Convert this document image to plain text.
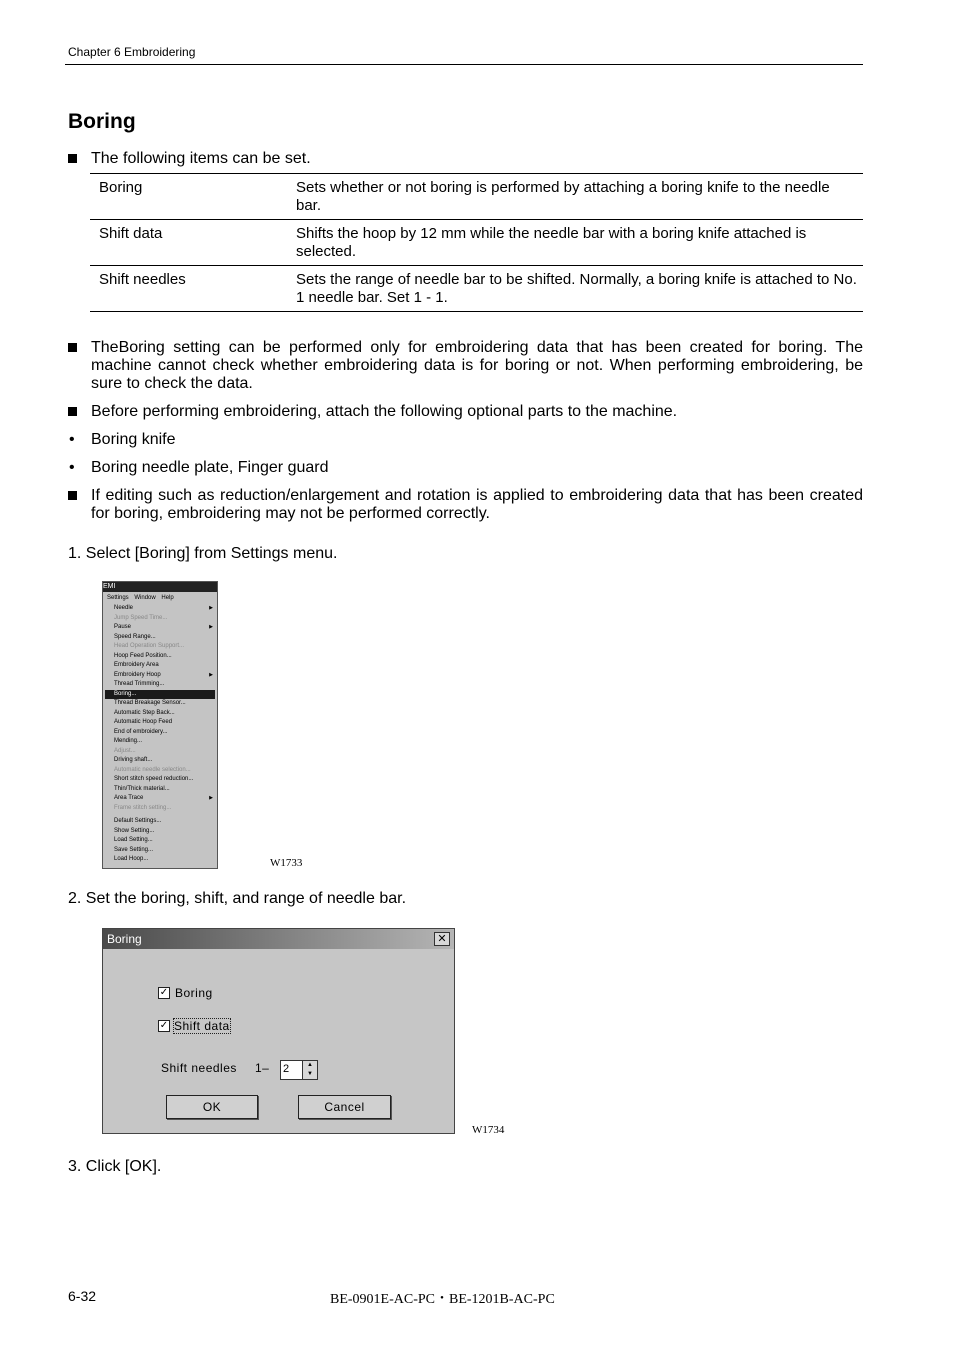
Chapter 6 Embroidering
Boring
The following items can be set.
Boring	Sets whether or not boring is performed by attaching a boring knife to the needle bar.
Shift data	Shifts the hoop by 12 mm while the needle bar with a boring knife attached is selected.
Shift needles	Sets the range of needle bar to be shifted. Normally, a boring knife is attached to No. 1 needle bar. Set 1 - 1.
TheBoring setting can be performed only for embroidering data that has been created for boring. The machine cannot check whether embroidering data is for boring or not. When performing embroidering, be sure to check the data.
Before performing embroidering, attach the following optional parts to the machine.
• Boring knife
• Boring needle plate, Finger guard
If editing such as reduction/enlargement and rotation is applied to embroidering data that has been created for boring, embroidering may not be performed correctly.
1. Select [Boring] from Settings menu.
EMI
Settings Window Help
Needle	▶
Jump Speed Time...
Pause	▶
Speed Range...
Head Operation Support...
Hoop Feed Position...
Embroidery Area
Embroidery Hoop	▶
Thread Trimming...
Boring...
Thread Breakage Sensor...
Automatic Step Back...
Automatic Hoop Feed
End of embroidery...
Mending...
Adjust...
Driving shaft...
Automatic needle selection...
Short stitch speed reduction...
Thin/Thick material...
Area Trace	▶
Frame stitch setting...
Default Settings...
Show Setting...
Load Setting...
Save Setting...
Load Hoop...	W1733
2. Set the boring, shift, and range of needle bar.
Boring	✕
✓ Boring
✓ Shift data
Shift needles 1– 2	▲
▼
OK	Cancel
W1734
3. Click [OK].
6-32	BE-0901E-AC-PC・BE-1201B-AC-PC
